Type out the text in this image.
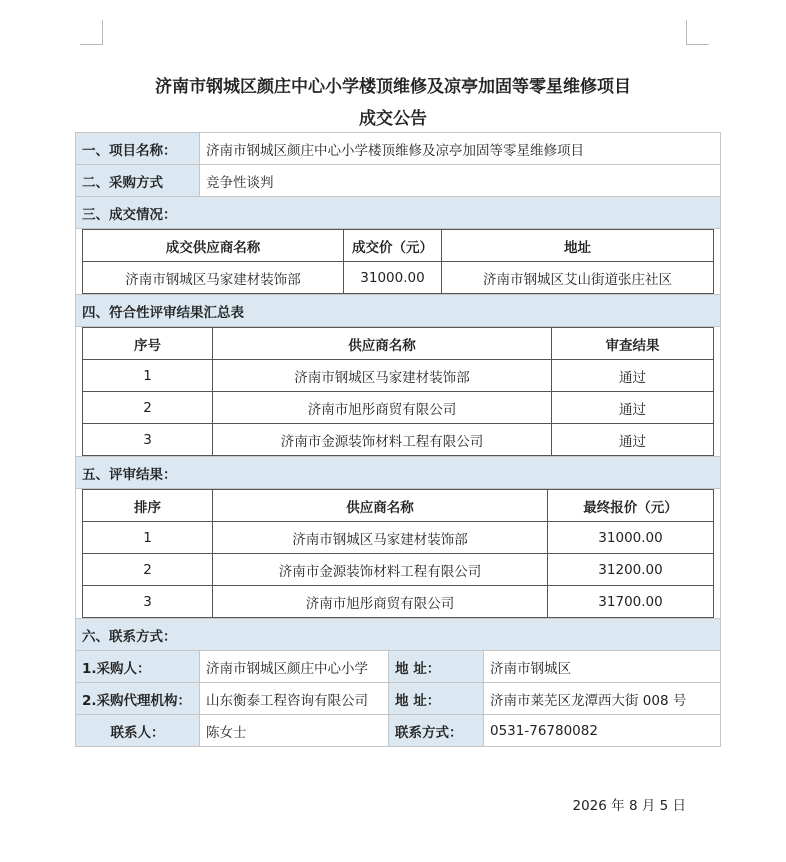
济南市钢城区颜庄中心小学楼顶维修及凉亭加固等零星维修项目
成交公告
一、项目名称：	济南市钢城区颜庄中心小学楼顶维修及凉亭加固等零星维修项目
二、采购方式	竞争性谈判
三、成交情况：

成交供应商名称	成交价（元）	地址
济南市钢城区马家建材装饰部	31000.00	济南市钢城区艾山街道张庄社区

四、符合性评审结果汇总表

序号	供应商名称	审查结果
1	济南市钢城区马家建材装饰部	通过
2	济南市旭彤商贸有限公司	通过
3	济南市金源装饰材料工程有限公司	通过

五、评审结果：

排序	供应商名称	最终报价（元）
1	济南市钢城区马家建材装饰部	31000.00
2	济南市金源装饰材料工程有限公司	31200.00
3	济南市旭彤商贸有限公司	31700.00

六、联系方式：
1.采购人：	济南市钢城区颜庄中心小学	地 址：	济南市钢城区
2.采购代理机构：	山东衡泰工程咨询有限公司	地 址：	济南市莱芜区龙潭西大街 008 号
联系人：	陈女士	联系方式：	0531-76780082
2026 年 8 月 5 日
